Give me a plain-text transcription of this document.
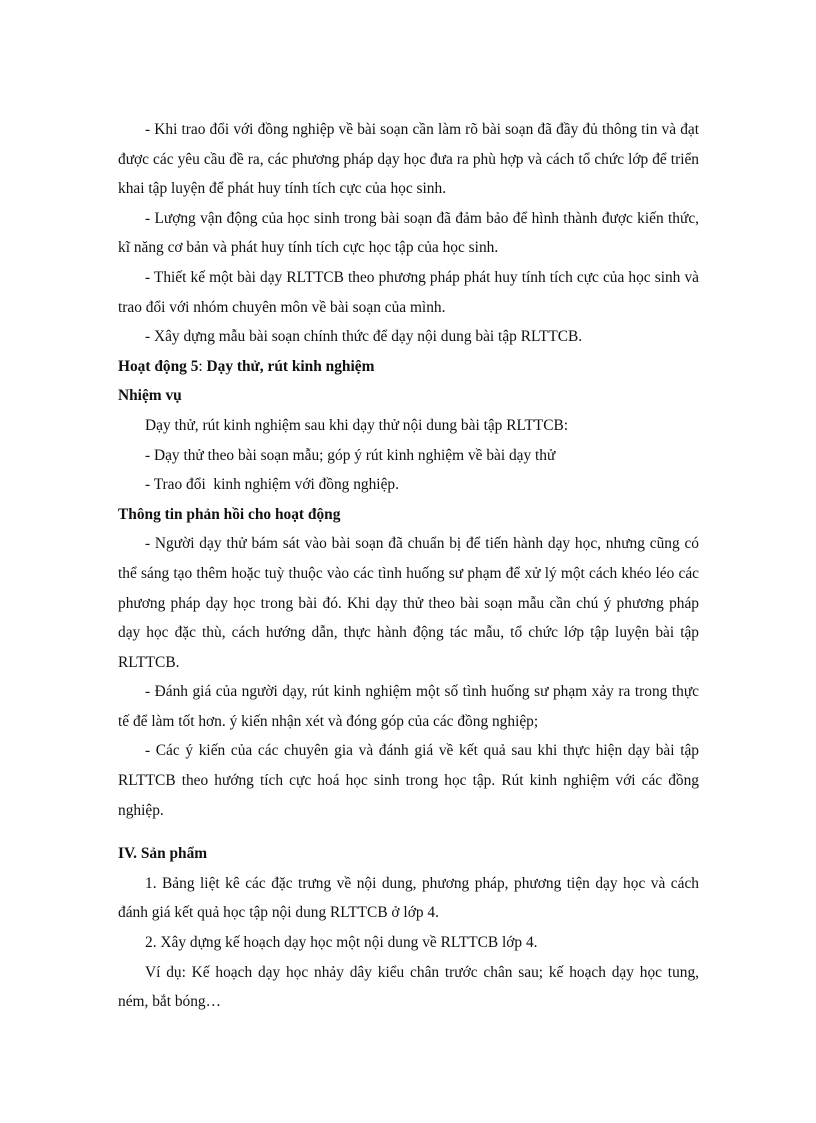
- Khi trao đổi với đồng nghiệp về bài soạn cần làm rõ bài soạn đã đầy đủ thông tin và đạt được các yêu cầu đề ra, các phương pháp dạy học đưa ra phù hợp và cách tổ chức lớp để triển khai tập luyện để phát huy tính tích cực của học sinh.

- Lượng vận động của học sinh trong bài soạn đã đảm bảo để hình thành được kiến thức, kĩ năng cơ bản và phát huy tính tích cực học tập của học sinh.

- Thiết kế một bài dạy RLTTCB theo phương pháp phát huy tính tích cực của học sinh và trao đổi với nhóm chuyên môn về bài soạn của mình.

- Xây dựng mẫu bài soạn chính thức để dạy nội dung bài tập RLTTCB.

Hoạt động 5: Dạy thử, rút kinh nghiệm

Nhiệm vụ

Dạy thử, rút kinh nghiệm sau khi dạy thử nội dung bài tập RLTTCB:

- Dạy thử theo bài soạn mẫu; góp ý rút kinh nghiệm về bài dạy thử

- Trao đổi  kinh nghiệm với đồng nghiệp.

Thông tin phản hồi cho hoạt động

- Người dạy thử bám sát vào bài soạn đã chuẩn bị để tiến hành dạy học, nhưng cũng có thể sáng tạo thêm hoặc tuỳ thuộc vào các tình huống sư phạm để xử lý một cách khéo léo các phương pháp dạy học trong bài đó. Khi dạy thử theo bài soạn mẫu cần chú ý phương pháp dạy học đặc thù, cách hướng dẫn, thực hành động tác mẫu, tổ chức lớp tập luyện bài tập RLTTCB.

- Đánh giá của người dạy, rút kinh nghiệm một số tình huống sư phạm xảy ra trong thực tế để làm tốt hơn. ý kiến nhận xét và đóng góp của các đồng nghiệp;

- Các ý kiến của các chuyên gia và đánh giá về kết quả sau khi thực hiện dạy bài tập RLTTCB theo hướng tích cực hoá học sinh trong học tập. Rút kinh nghiệm với các đồng nghiệp.

IV. Sản phẩm

1. Bảng liệt kê các đặc trưng về nội dung, phương pháp, phương tiện dạy học và cách đánh giá kết quả học tập nội dung RLTTCB ở lớp 4.

2. Xây dựng kế hoạch dạy học một nội dung về RLTTCB lớp 4.

Ví dụ: Kế hoạch dạy học nhảy dây kiểu chân trước chân sau; kế hoạch dạy học tung, ném, bắt bóng…
